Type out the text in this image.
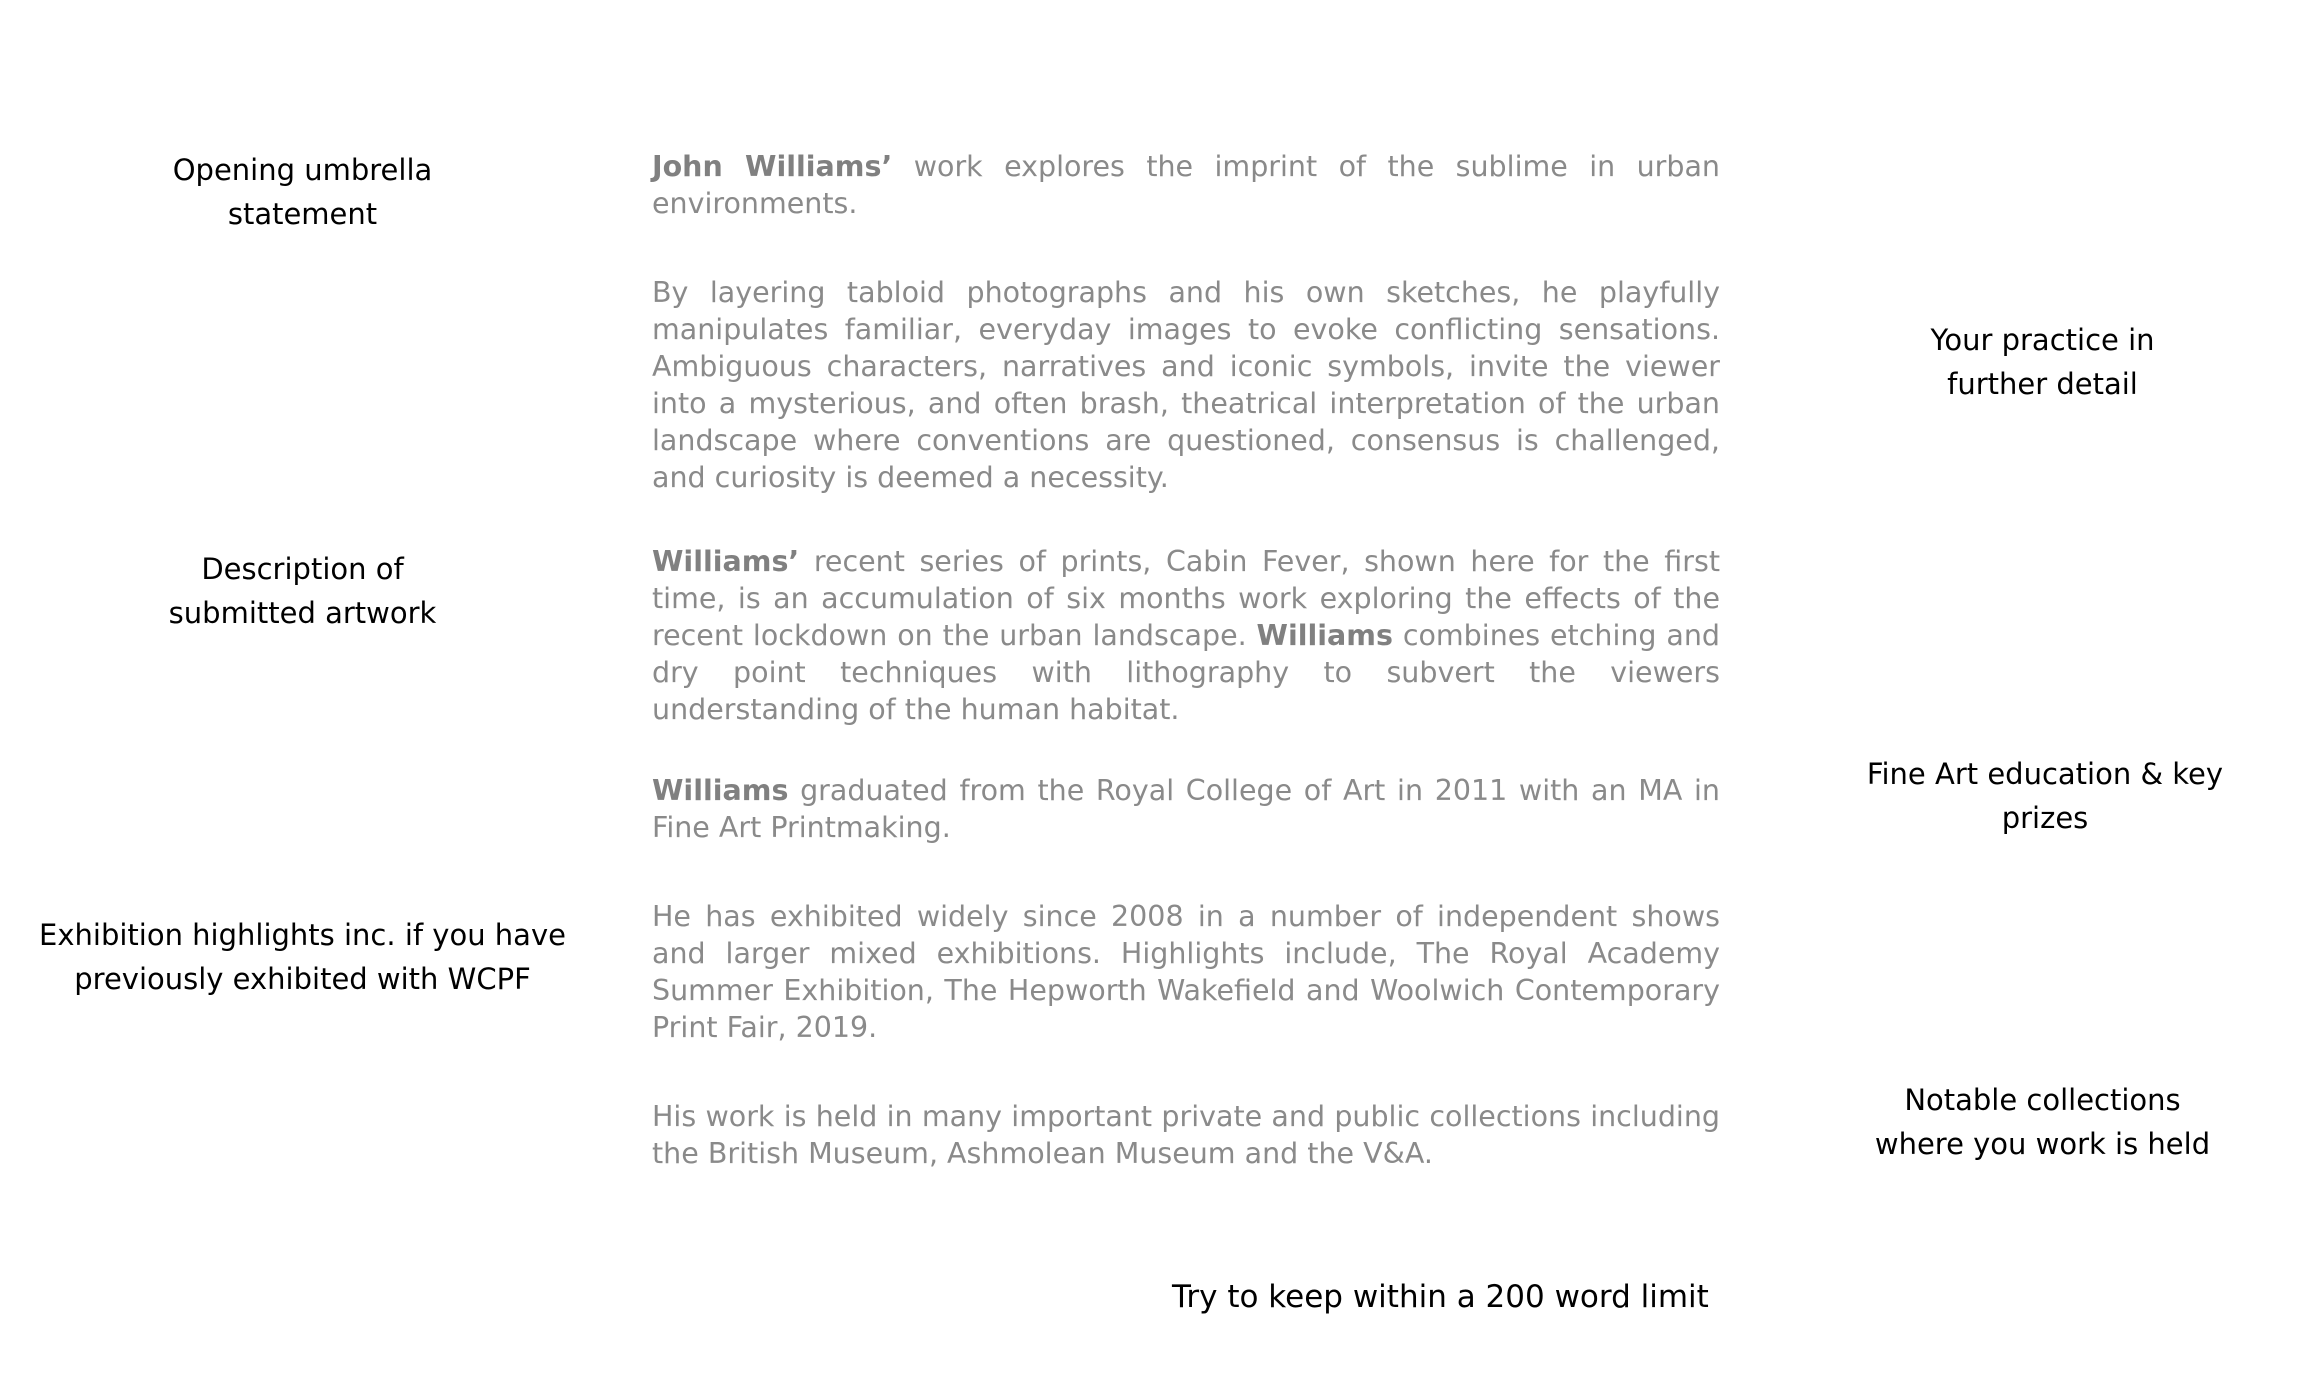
Opening umbrella statement
Description of submitted artwork
Exhibition highlights inc. if you have previously exhibited with WCPF
Your practice in further detail
Fine Art education & key prizes
Notable collections where you work is held

John Williams’ work explores the imprint of the sublime in urban environments.

By layering tabloid photographs and his own sketches, he playfully manipulates familiar, everyday images to evoke conflicting sensations. Ambiguous characters, narratives and iconic symbols, invite the viewer into a mysterious, and often brash, theatrical interpretation of the urban landscape where conventions are questioned, consensus is challenged, and curiosity is deemed a necessity.

Williams’ recent series of prints, Cabin Fever, shown here for the first time, is an accumulation of six months work exploring the effects of the recent lockdown on the urban landscape. Williams combines etching and dry point techniques with lithography to subvert the viewers understanding of the human habitat.

Williams graduated from the Royal College of Art in 2011 with an MA in Fine Art Printmaking.

He has exhibited widely since 2008 in a number of independent shows and larger mixed exhibitions. Highlights include, The Royal Academy Summer Exhibition, The Hepworth Wakefield and Woolwich Contemporary Print Fair, 2019.

His work is held in many important private and public collections including the British Museum, Ashmolean Museum and the V&A.

Try to keep within a 200 word limit
